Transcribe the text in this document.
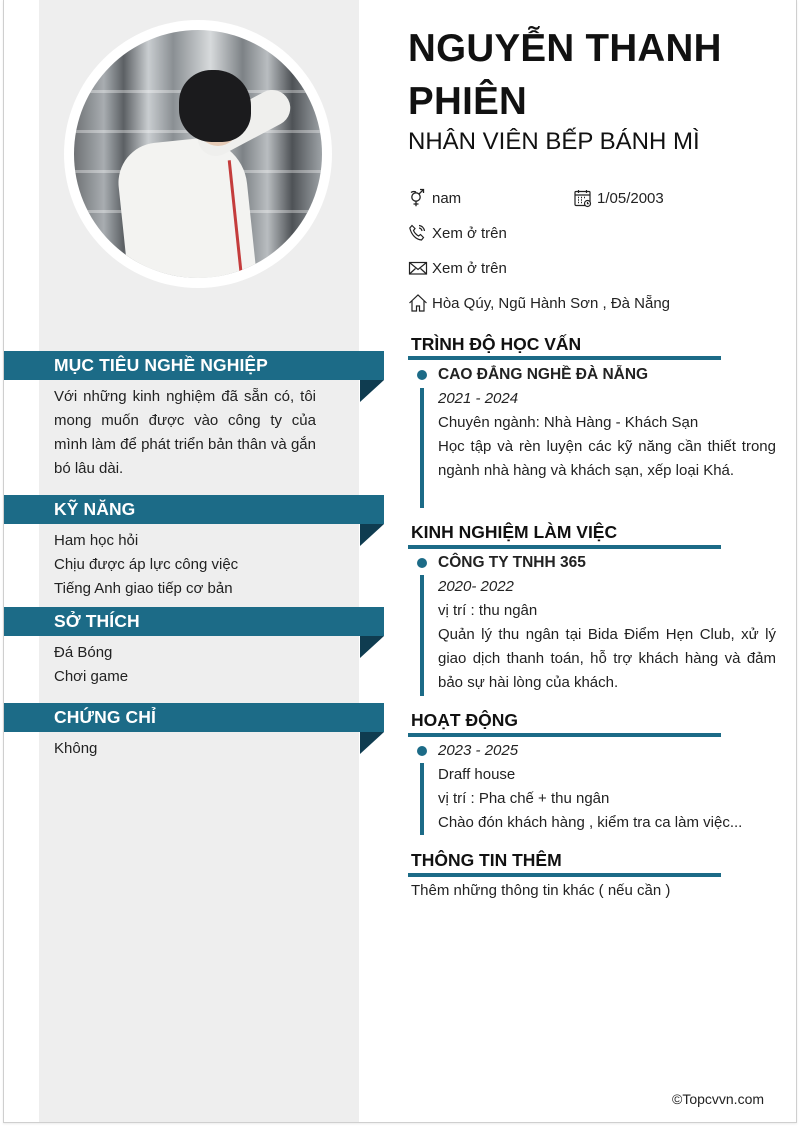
NGUYỄN THANH PHIÊN
NHÂN VIÊN BẾP BÁNH MÌ
nam	1/05/2003
Xem ở trên
Xem ở trên
Hòa Qúy, Ngũ Hành Sơn , Đà Nẵng
MỤC TIÊU NGHỀ NGHIỆP
Với những kinh nghiệm đã sẵn có, tôi mong muốn được vào công ty của mình làm để phát triển bản thân và gắn bó lâu dài.
KỸ NĂNG
Ham học hỏi
Chịu được áp lực công việc
Tiếng Anh giao tiếp cơ bản
SỞ THÍCH
Đá Bóng
Chơi game
CHỨNG CHỈ
Không
TRÌNH ĐỘ HỌC VẤN
CAO ĐẲNG NGHỀ ĐÀ NẴNG
2021 - 2024
Chuyên ngành: Nhà Hàng - Khách Sạn
Học tập và rèn luyện các kỹ năng cần thiết trong ngành nhà hàng và khách sạn, xếp loại Khá.
KINH NGHIỆM LÀM VIỆC
CÔNG TY TNHH 365
2020- 2022
vị trí : thu ngân
Quản lý thu ngân tại Bida Điểm Hẹn Club, xử lý giao dịch thanh toán, hỗ trợ khách hàng và đảm bảo sự hài lòng của khách.
HOẠT ĐỘNG
2023 - 2025
Draff house
vị trí : Pha chế + thu ngân
Chào đón khách hàng , kiểm tra ca làm việc...
THÔNG TIN THÊM
Thêm những thông tin khác ( nếu cần )
©Topcvvn.com
